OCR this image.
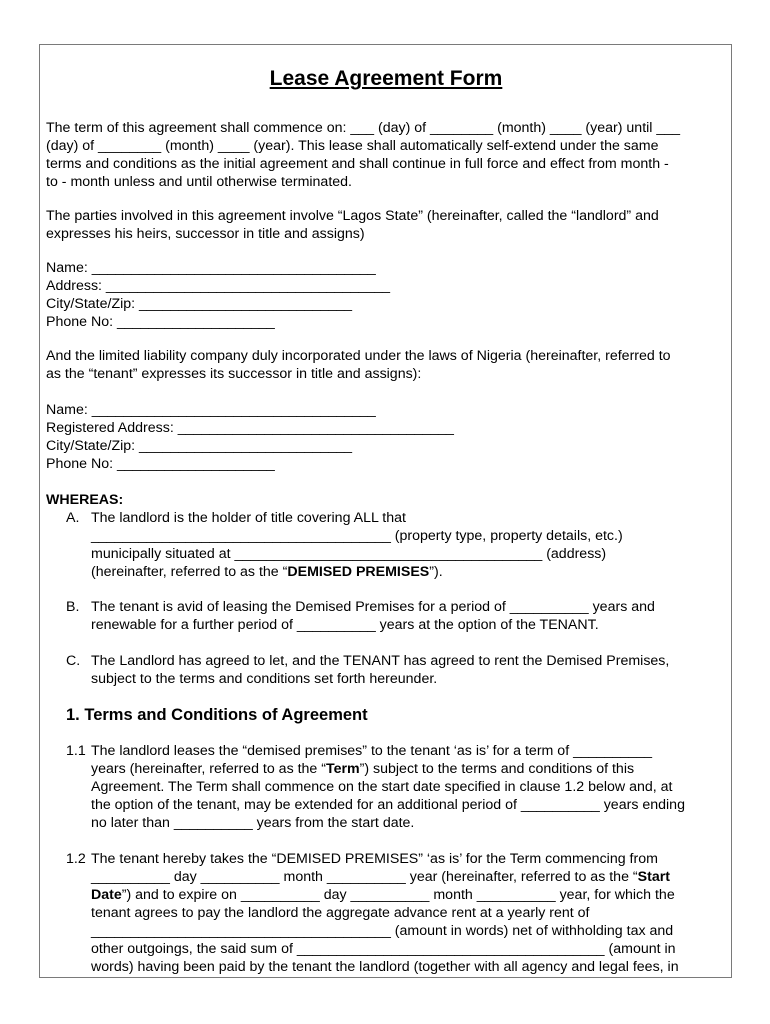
Lease Agreement Form
The term of this agreement shall commence on: ___ (day) of ________ (month) ____ (year) until ___
(day) of ________ (month) ____ (year). This lease shall automatically self-extend under the same
terms and conditions as the initial agreement and shall continue in full force and effect from month -
to - month unless and until otherwise terminated.
The parties involved in this agreement involve “Lagos State” (hereinafter, called the “landlord” and
expresses his heirs, successor in title and assigns)
Name: ____________________________________
Address: ____________________________________
City/State/Zip: ___________________________
Phone No: ____________________
And the limited liability company duly incorporated under the laws of Nigeria (hereinafter, referred to
as the “tenant” expresses its successor in title and assigns):
Name: ____________________________________
Registered Address: ___________________________________
City/State/Zip: ___________________________
Phone No: ____________________
WHEREAS:
A. The landlord is the holder of title covering ALL that
______________________________________ (property type, property details, etc.)
municipally situated at _______________________________________ (address)
(hereinafter, referred to as the “DEMISED PREMISES”).
B. The tenant is avid of leasing the Demised Premises for a period of __________ years and
renewable for a further period of __________ years at the option of the TENANT.
C. The Landlord has agreed to let, and the TENANT has agreed to rent the Demised Premises,
subject to the terms and conditions set forth hereunder.
1. Terms and Conditions of Agreement
1.1 The landlord leases the “demised premises” to the tenant ‘as is’ for a term of __________
years (hereinafter, referred to as the “Term”) subject to the terms and conditions of this
Agreement. The Term shall commence on the start date specified in clause 1.2 below and, at
the option of the tenant, may be extended for an additional period of __________ years ending
no later than __________ years from the start date.
1.2 The tenant hereby takes the “DEMISED PREMISES” ‘as is’ for the Term commencing from
__________ day __________ month __________ year (hereinafter, referred to as the “Start
Date”) and to expire on __________ day __________ month __________ year, for which the
tenant agrees to pay the landlord the aggregate advance rent at a yearly rent of
______________________________________ (amount in words) net of withholding tax and
other outgoings, the said sum of _______________________________________ (amount in
words) having been paid by the tenant the landlord (together with all agency and legal fees, in
